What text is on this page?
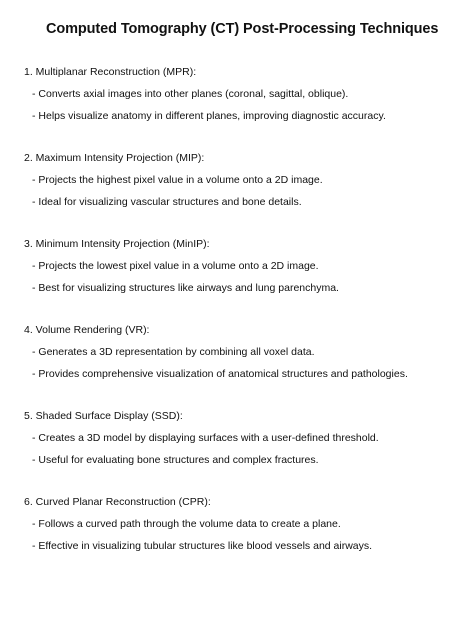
Computed Tomography (CT) Post-Processing Techniques
1. Multiplanar Reconstruction (MPR):
- Converts axial images into other planes (coronal, sagittal, oblique).
- Helps visualize anatomy in different planes, improving diagnostic accuracy.
2. Maximum Intensity Projection (MIP):
- Projects the highest pixel value in a volume onto a 2D image.
- Ideal for visualizing vascular structures and bone details.
3. Minimum Intensity Projection (MinIP):
- Projects the lowest pixel value in a volume onto a 2D image.
- Best for visualizing structures like airways and lung parenchyma.
4. Volume Rendering (VR):
- Generates a 3D representation by combining all voxel data.
- Provides comprehensive visualization of anatomical structures and pathologies.
5. Shaded Surface Display (SSD):
- Creates a 3D model by displaying surfaces with a user-defined threshold.
- Useful for evaluating bone structures and complex fractures.
6. Curved Planar Reconstruction (CPR):
- Follows a curved path through the volume data to create a plane.
- Effective in visualizing tubular structures like blood vessels and airways.
